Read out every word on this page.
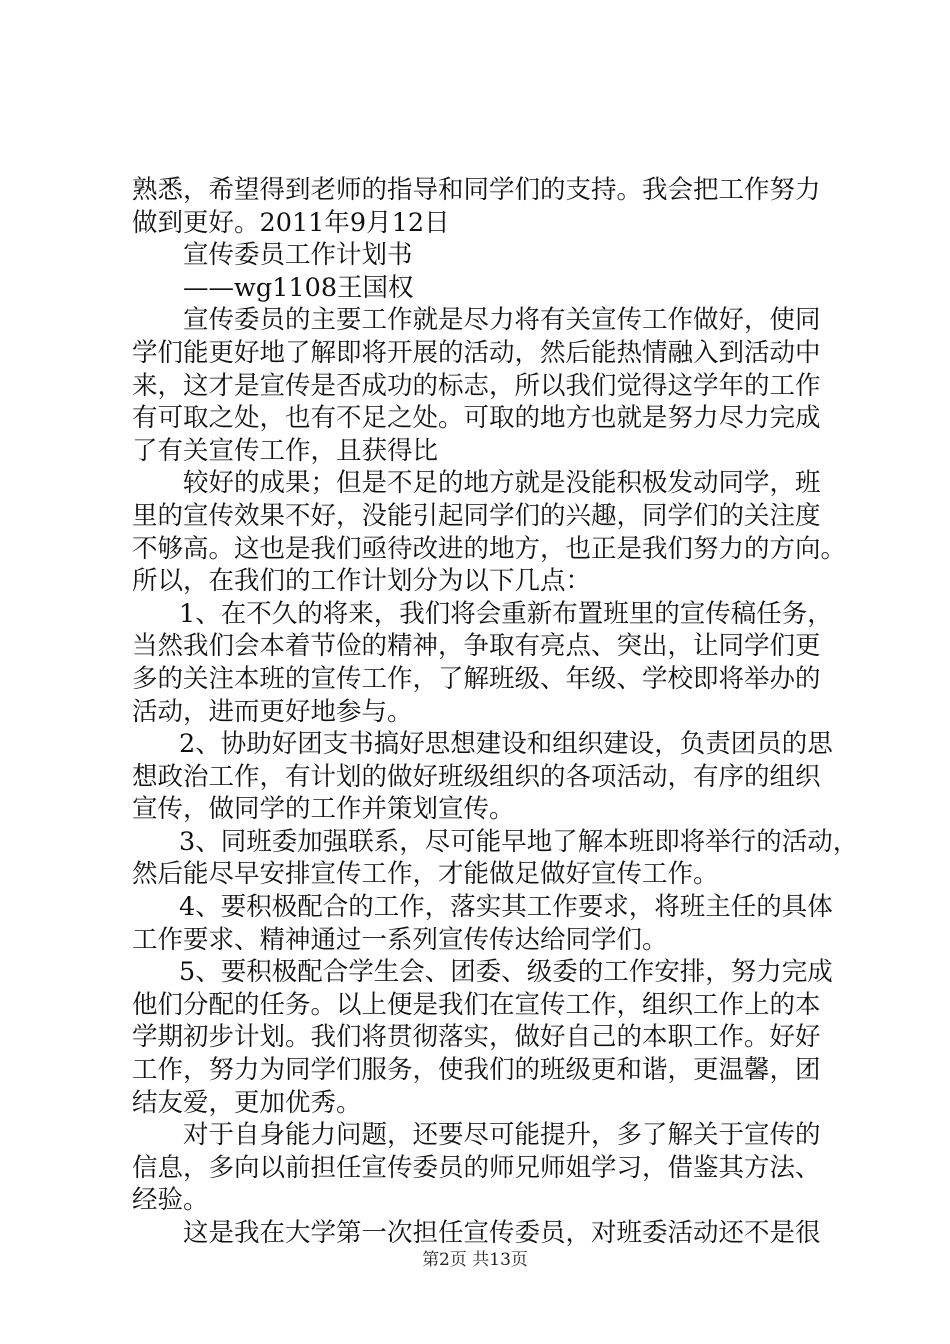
熟悉，希望得到老师的指导和同学们的支持。我会把工作努力
做到更好。2011年9月12日
宣传委员工作计划书
——wg1108王国权
宣传委员的主要工作就是尽力将有关宣传工作做好，使同
学们能更好地了解即将开展的活动，然后能热情融入到活动中
来，这才是宣传是否成功的标志，所以我们觉得这学年的工作
有可取之处，也有不足之处。可取的地方也就是努力尽力完成
了有关宣传工作，且获得比
较好的成果；但是不足的地方就是没能积极发动同学，班
里的宣传效果不好，没能引起同学们的兴趣，同学们的关注度
不够高。这也是我们亟待改进的地方，也正是我们努力的方向。
所以，在我们的工作计划分为以下几点：
1、在不久的将来，我们将会重新布置班里的宣传稿任务，
当然我们会本着节俭的精神，争取有亮点、突出，让同学们更
多的关注本班的宣传工作，了解班级、年级、学校即将举办的
活动，进而更好地参与。
2、协助好团支书搞好思想建设和组织建设，负责团员的思
想政治工作，有计划的做好班级组织的各项活动，有序的组织
宣传，做同学的工作并策划宣传。
3、同班委加强联系，尽可能早地了解本班即将举行的活动，
然后能尽早安排宣传工作，才能做足做好宣传工作。
4、要积极配合的工作，落实其工作要求，将班主任的具体
工作要求、精神通过一系列宣传传达给同学们。
5、要积极配合学生会、团委、级委的工作安排，努力完成
他们分配的任务。以上便是我们在宣传工作，组织工作上的本
学期初步计划。我们将贯彻落实，做好自己的本职工作。好好
工作，努力为同学们服务，使我们的班级更和谐，更温馨，团
结友爱，更加优秀。
对于自身能力问题，还要尽可能提升，多了解关于宣传的
信息，多向以前担任宣传委员的师兄师姐学习，借鉴其方法、
经验。
这是我在大学第一次担任宣传委员，对班委活动还不是很
第2页 共13页
